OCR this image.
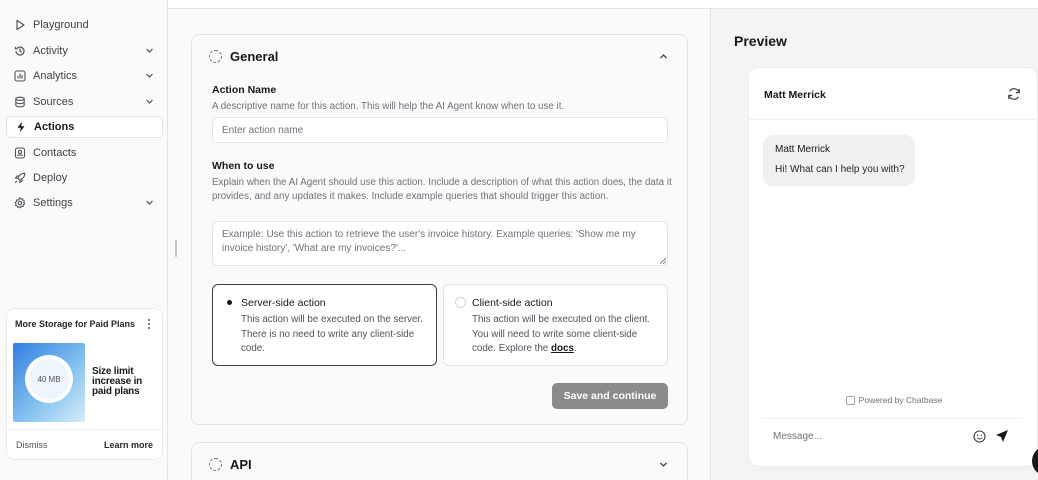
Playground
Activity
Analytics
Sources
Actions
Contacts
Deploy
Settings
More Storage for Paid Plans
40 MB
Size limit increase in paid plans
Dismiss	Learn more
General
Action Name
A descriptive name for this action. This will help the AI Agent know when to use it.
Enter action name
When to use
Explain when the AI Agent should use this action. Include a description of what this action does, the data it provides, and any updates it makes. Include example queries that should trigger this action.
Example: Use this action to retrieve the user's invoice history. Example queries: 'Show me my invoice history', 'What are my invoices?'...
Server-side action
This action will be executed on the server. There is no need to write any client-side code.
Client-side action
This action will be executed on the client. You will need to write some client-side code. Explore the docs.
Save and continue
API
Preview
Matt Merrick
Matt Merrick
Hi! What can I help you with?
Powered by Chatbase
Message...
